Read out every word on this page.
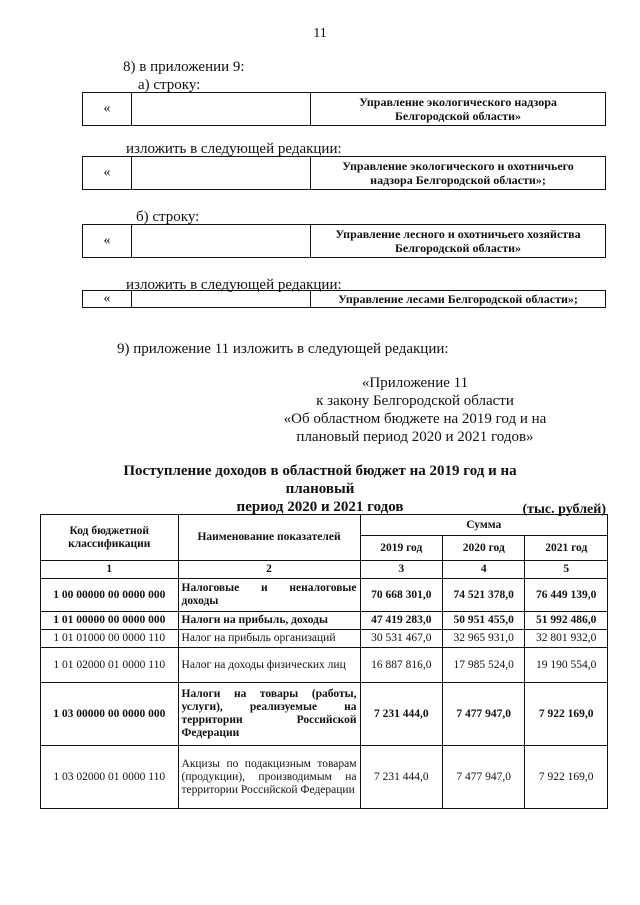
11
8) в приложении 9:
а) строку:
«		Управление экологического надзора
Белгородской области»
изложить в следующей редакции:
«		Управление экологического и охотничьего
надзора Белгородской области»;
б) строку:
«		Управление лесного и охотничьего хозяйства
Белгородской области»
изложить в следующей редакции:
«		Управление лесами Белгородской области»;
9) приложение 11 изложить в следующей редакции:
«Приложение 11
к закону Белгородской области
«Об областном бюджете на 2019 год и на
плановый период 2020 и 2021 годов»
Поступление доходов в областной бюджет на 2019 год и на плановый
период 2020 и 2021 годов	(тыс. рублей)
Код бюджетной классификации	Наименование показателей	Сумма		
		2019 год	2020 год	2021 год
1	2	3	4	5
1 00 00000 00 0000 000	Налоговые и неналоговые доходы	70 668 301,0	74 521 378,0	76 449 139,0
1 01 00000 00 0000 000	Налоги на прибыль, доходы	47 419 283,0	50 951 455,0	51 992 486,0
1 01 01000 00 0000 110	Налог на прибыль организаций	30 531 467,0	32 965 931,0	32 801 932,0
1 01 02000 01 0000 110	Налог на доходы физических лиц	16 887 816,0	17 985 524,0	19 190 554,0
1 03 00000 00 0000 000	Налоги на товары (работы, услуги), реализуемые на территории Российской Федерации	7 231 444,0	7 477 947,0	7 922 169,0
1 03 02000 01 0000 110	Акцизы по подакцизным товарам (продукции), производимым на территории Российской Федерации	7 231 444,0	7 477 947,0	7 922 169,0
